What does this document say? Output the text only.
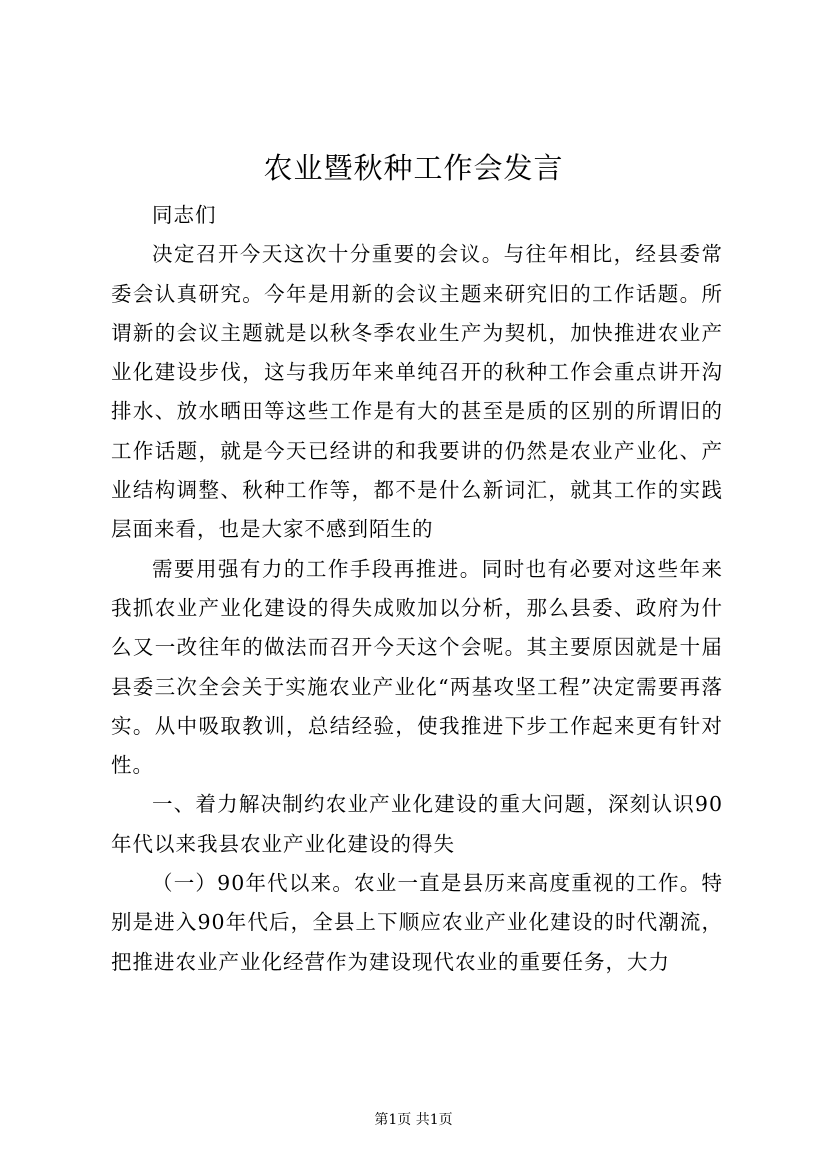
农业暨秋种工作会发言

同志们

决定召开今天这次十分重要的会议。与往年相比，经县委常委会认真研究。今年是用新的会议主题来研究旧的工作话题。所谓新的会议主题就是以秋冬季农业生产为契机，加快推进农业产业化建设步伐，这与我历年来单纯召开的秋种工作会重点讲开沟排水、放水晒田等这些工作是有大的甚至是质的区别的所谓旧的工作话题，就是今天已经讲的和我要讲的仍然是农业产业化、产业结构调整、秋种工作等，都不是什么新词汇，就其工作的实践层面来看，也是大家不感到陌生的

需要用强有力的工作手段再推进。同时也有必要对这些年来我抓农业产业化建设的得失成败加以分析，那么县委、政府为什么又一改往年的做法而召开今天这个会呢。其主要原因就是十届县委三次全会关于实施农业产业化“两基攻坚工程”决定需要再落实。从中吸取教训，总结经验，使我推进下步工作起来更有针对性。

一、着力解决制约农业产业化建设的重大问题，深刻认识90年代以来我县农业产业化建设的得失

（一）90年代以来。农业一直是县历来高度重视的工作。特别是进入90年代后，全县上下顺应农业产业化建设的时代潮流，把推进农业产业化经营作为建设现代农业的重要任务，大力

第1页 共1页
